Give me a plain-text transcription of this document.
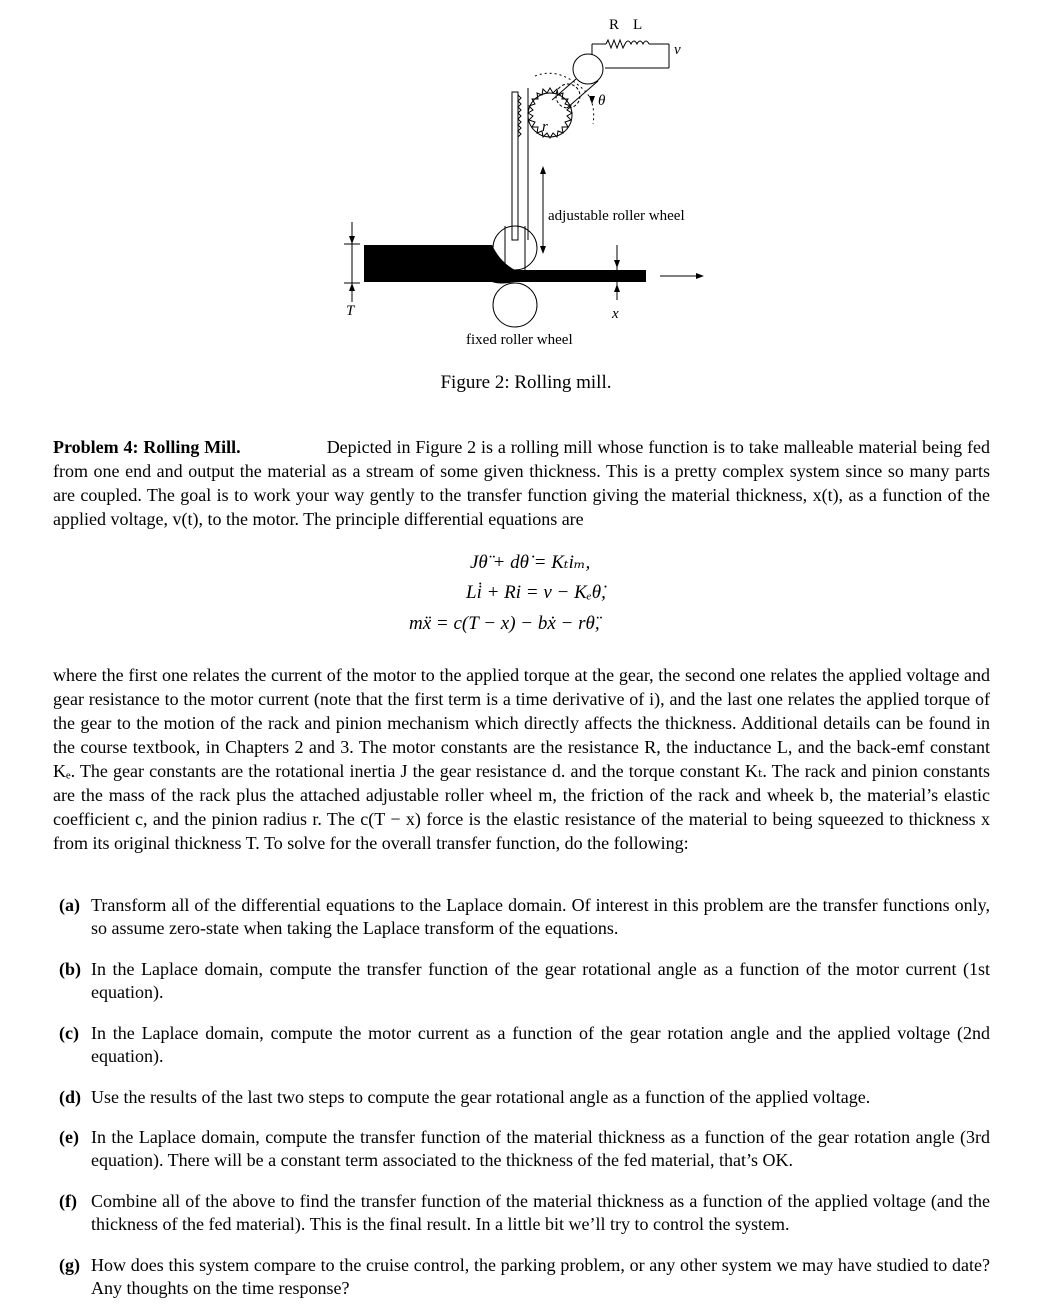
R L
v
θ
r
adjustable roller wheel
T	x
fixed roller wheel
Figure 2: Rolling mill.
Problem 4: Rolling Mill.	Depicted in Figure 2 is a rolling mill whose function is to take malleable material being fed from one end and output the material as a stream of some given thickness. This is a pretty complex system since so many parts are coupled. The goal is to work your way gently to the transfer function giving the material thickness, x(t), as a function of the applied voltage, v(t), to the motor. The principle differential equations are
Jθ̈ + dθ̇ = Kₜiₘ,
Li̇ + Ri = v − Kₑθ̇,
mẍ = c(T − x) − bẋ − rθ̈,
where the first one relates the current of the motor to the applied torque at the gear, the second one relates the applied voltage and gear resistance to the motor current (note that the first term is a time derivative of i), and the last one relates the applied torque of the gear to the motion of the rack and pinion mechanism which directly affects the thickness. Additional details can be found in the course textbook, in Chapters 2 and 3. The motor constants are the resistance R, the inductance L, and the back-emf constant Kₑ. The gear constants are the rotational inertia J the gear resistance d. and the torque constant Kₜ. The rack and pinion constants are the mass of the rack plus the attached adjustable roller wheel m, the friction of the rack and wheek b, the material’s elastic coefficient c, and the pinion radius r. The c(T − x) force is the elastic resistance of the material to being squeezed to thickness x from its original thickness T. To solve for the overall transfer function, do the following:
(a) Transform all of the differential equations to the Laplace domain. Of interest in this problem are the transfer functions only, so assume zero-state when taking the Laplace transform of the equations.
(b) In the Laplace domain, compute the transfer function of the gear rotational angle as a function of the motor current (1st equation).
(c) In the Laplace domain, compute the motor current as a function of the gear rotation angle and the applied voltage (2nd equation).
(d) Use the results of the last two steps to compute the gear rotational angle as a function of the applied voltage.
(e) In the Laplace domain, compute the transfer function of the material thickness as a function of the gear rotation angle (3rd equation). There will be a constant term associated to the thickness of the fed material, that’s OK.
(f) Combine all of the above to find the transfer function of the material thickness as a function of the applied voltage (and the thickness of the fed material). This is the final result. In a little bit we’ll try to control the system.
(g) How does this system compare to the cruise control, the parking problem, or any other system we may have studied to date? Any thoughts on the time response?
